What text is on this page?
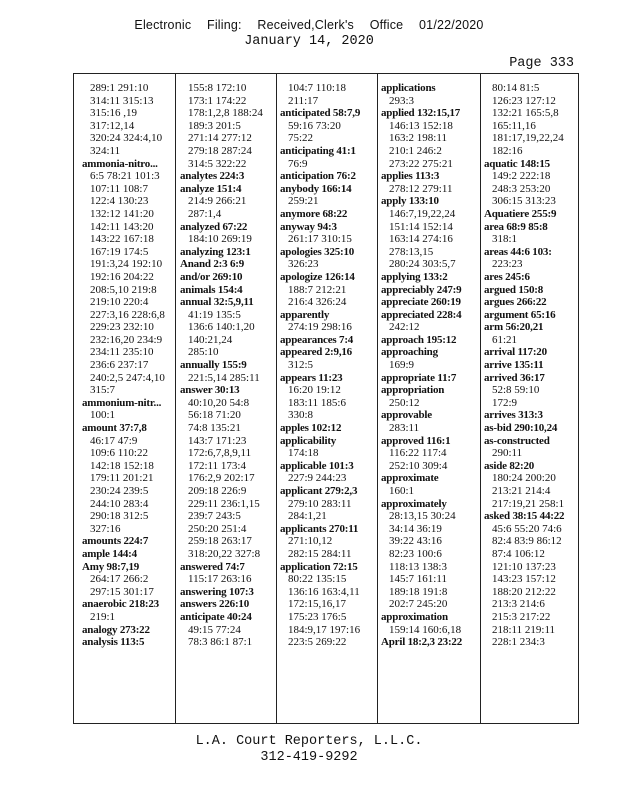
Electronic Filing: Received,Clerk's Office 01/22/2020
January 14, 2020
Page 333
289:1 291:10
314:11 315:13
315:16 ,19
317:12,14
320:24 324:4,10
324:11
ammonia-nitro...
6:5 78:21 101:3
107:11 108:7
122:4 130:23
132:12 141:20
142:11 143:20
143:22 167:18
167:19 174:5
191:3,24 192:10
192:16 204:22
208:5,10 219:8
219:10 220:4
227:3,16 228:6,8
229:23 232:10
232:16,20 234:9
234:11 235:10
236:6 237:17
240:2,5 247:4,10
315:7
ammonium-nitr...
100:1
amount 37:7,8
46:17 47:9
109:6 110:22
142:18 152:18
179:11 201:21
230:24 239:5
244:10 283:4
290:18 312:5
327:16
amounts 224:7
ample 144:4
Amy 98:7,19
264:17 266:2
297:15 301:17
anaerobic 218:23
219:1
analogy 273:22
analysis 113:5
155:8 172:10
173:1 174:22
178:1,2,8 188:24
189:3 201:5
271:14 277:12
279:18 287:24
314:5 322:22
analytes 224:3
analyze 151:4
214:9 266:21
287:1,4
analyzed 67:22
184:10 269:19
analyzing 123:1
Anand 2:3 6:9
and/or 269:10
animals 154:4
annual 32:5,9,11
41:19 135:5
136:6 140:1,20
140:21,24
285:10
annually 155:9
221:5,14 285:11
answer 30:13
40:10,20 54:8
56:18 71:20
74:8 135:21
143:7 171:23
172:6,7,8,9,11
172:11 173:4
176:2,9 202:17
209:18 226:9
229:11 236:1,15
239:7 243:5
250:20 251:4
259:18 263:17
318:20,22 327:8
answered 74:7
115:17 263:16
answering 107:3
answers 226:10
anticipate 40:24
49:15 77:24
78:3 86:1 87:1
104:7 110:18
211:17
anticipated 58:7,9
59:16 73:20
75:22
anticipating 41:1
76:9
anticipation 76:2
anybody 166:14
259:21
anymore 68:22
anyway 94:3
261:17 310:15
apologies 325:10
326:23
apologize 126:14
188:7 212:21
216:4 326:24
apparently
274:19 298:16
appearances 7:4
appeared 2:9,16
312:5
appears 11:23
16:20 19:12
183:11 185:6
330:8
apples 102:12
applicability
174:18
applicable 101:3
227:9 244:23
applicant 279:2,3
279:10 283:11
284:1,21
applicants 270:11
271:10,12
282:15 284:11
application 72:15
80:22 135:15
136:16 163:4,11
172:15,16,17
175:23 176:5
184:9,17 197:16
223:5 269:22
applications
293:3
applied 132:15,17
146:13 152:18
163:2 198:11
210:1 246:2
273:22 275:21
applies 113:3
278:12 279:11
apply 133:10
146:7,19,22,24
151:14 152:14
163:14 274:16
278:13,15
280:24 303:5,7
applying 133:2
appreciably 247:9
appreciate 260:19
appreciated 228:4
242:12
approach 195:12
approaching
169:9
appropriate 11:7
appropriation
250:12
approvable
283:11
approved 116:1
116:22 117:4
252:10 309:4
approximate
160:1
approximately
28:13,15 30:24
34:14 36:19
39:22 43:16
82:23 100:6
118:13 138:3
145:7 161:11
189:18 191:8
202:7 245:20
approximation
159:14 160:6,18
April 18:2,3 23:22
80:14 81:5
126:23 127:12
132:21 165:5,8
165:11,16
181:17,19,22,24
182:16
aquatic 148:15
149:2 222:18
248:3 253:20
306:15 313:23
Aquatiere 255:9
area 68:9 85:8
318:1
areas 44:6 103:
223:23
ares 245:6
argued 150:8
argues 266:22
argument 65:16
arm 56:20,21
61:21
arrival 117:20
arrive 135:11
arrived 36:17
52:8 59:10
172:9
arrives 313:3
as-bid 290:10,24
as-constructed
290:11
aside 82:20
180:24 200:20
213:21 214:4
217:19,21 258:1
asked 38:15 44:22
45:6 55:20 74:6
82:4 83:9 86:12
87:4 106:12
121:10 137:23
143:23 157:12
188:20 212:22
213:3 214:6
215:3 217:22
218:11 219:11
228:1 234:3
L.A. Court Reporters, L.L.C.
312-419-9292
